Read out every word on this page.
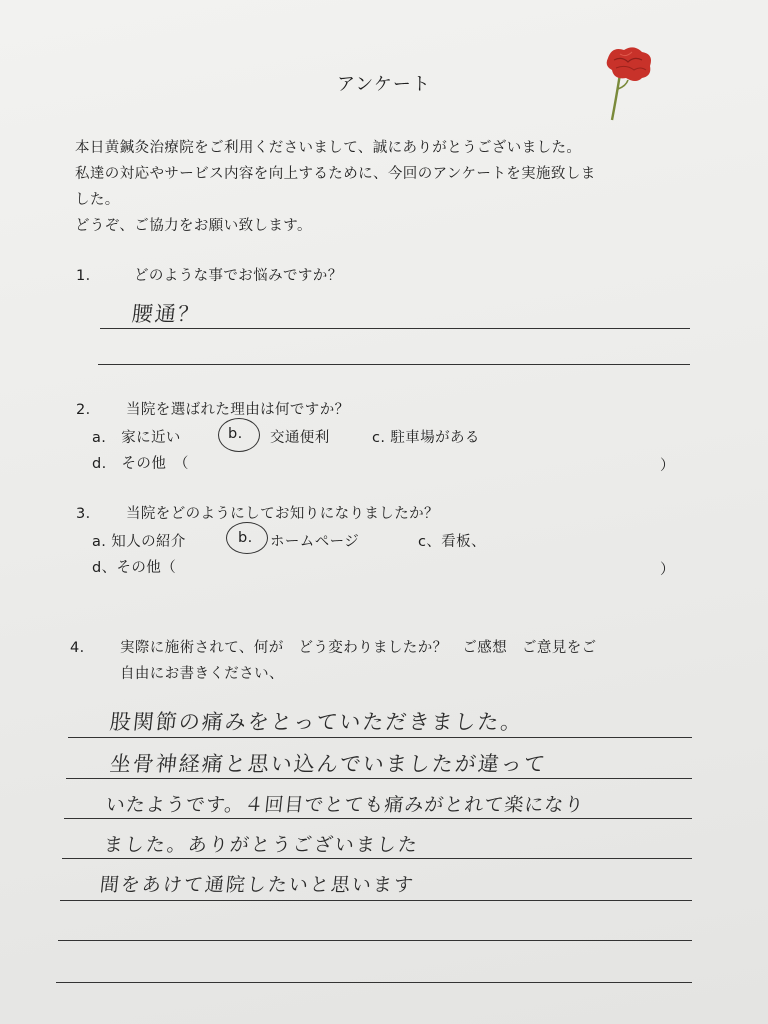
アンケート
本日黄鍼灸治療院をご利用くださいまして、誠にありがとうございました。
私達の対応やサービス内容を向上するために、今回のアンケートを実施致しま
した。
どうぞ、ご協力をお願い致します。
1． どのような事でお悩みですか？
腰通？
2． 当院を選ばれた理由は何ですか？
a.　家に近い	b. 交通便利	c. 駐車場がある
d.　その他　（	）
3． 当院をどのようにしてお知りになりましたか？
a. 知人の紹介	b. ホームページ	c、看板、
d、その他（	）
4． 実際に施術されて、何が　どう変わりましたか？　ご感想　ご意見をご
自由にお書きください、
股関節の痛みをとっていただきました。
坐骨神経痛と思い込んでいましたが違って
いたようです。４回目でとても痛みがとれて楽になり
ました。ありがとうございました
間をあけて通院したいと思います
